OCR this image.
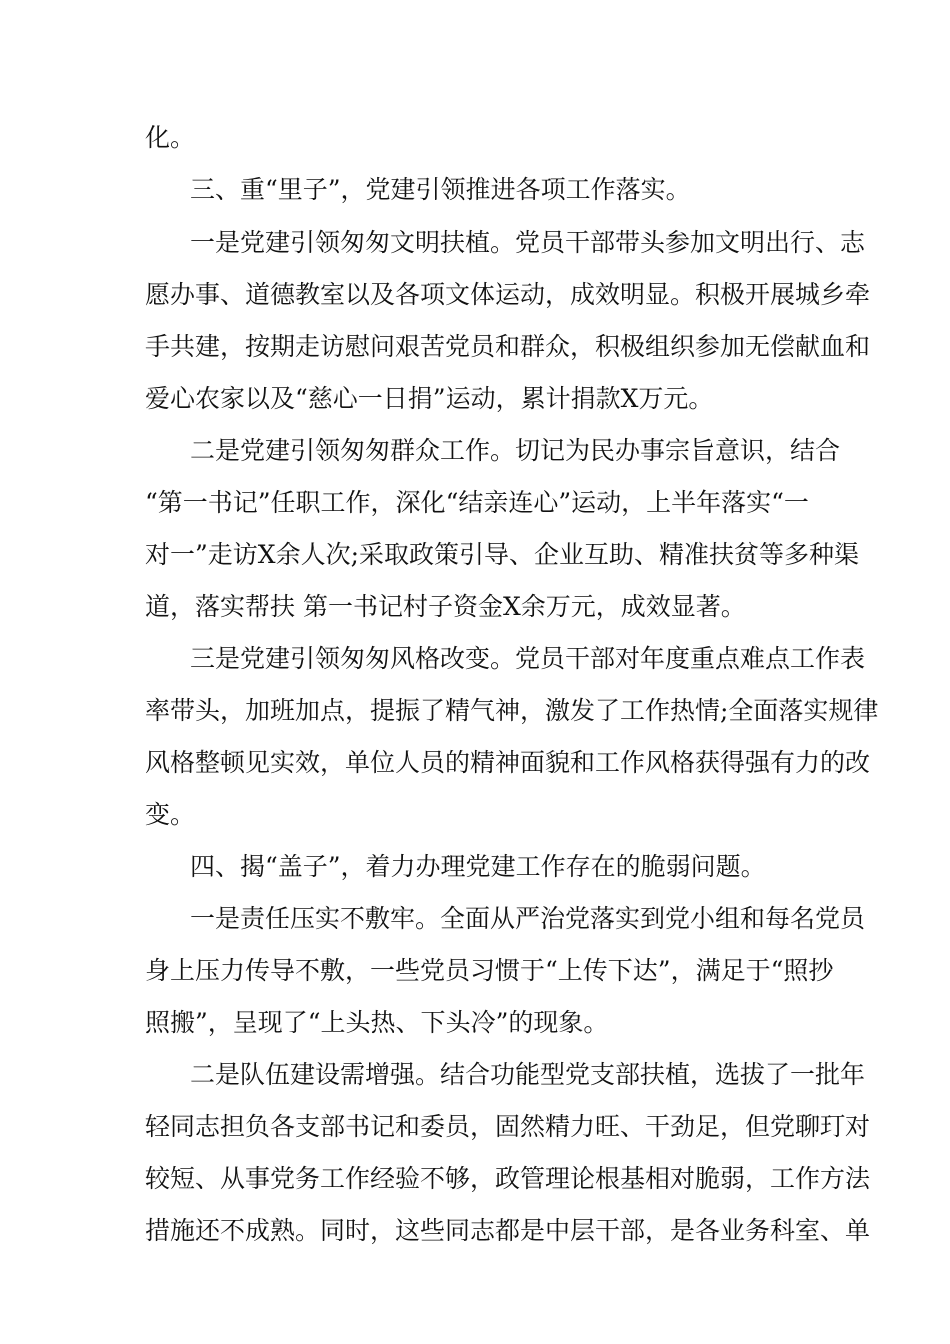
化。
三、重“里子”，党建引领推进各项工作落实。
一是党建引领匆匆文明扶植。党员干部带头参加文明出行、志
愿办事、道德教室以及各项文体运动，成效明显。积极开展城乡牵
手共建，按期走访慰问艰苦党员和群众，积极组织参加无偿献血和
爱心农家以及“慈心一日捐”运动，累计捐款X万元。
二是党建引领匆匆群众工作。切记为民办事宗旨意识，结合
“第一书记”任职工作，深化“结亲连心”运动，上半年落实“一
对一”走访X余人次;采取政策引导、企业互助、精准扶贫等多种渠
道，落实帮扶 第一书记村子资金X余万元，成效显著。
三是党建引领匆匆风格改变。党员干部对年度重点难点工作表
率带头，加班加点，提振了精气神，激发了工作热情;全面落实规律
风格整顿见实效，单位人员的精神面貌和工作风格获得强有力的改
变。
四、揭“盖子”，着力办理党建工作存在的脆弱问题。
一是责任压实不敷牢。全面从严治党落实到党小组和每名党员
身上压力传导不敷，一些党员习惯于“上传下达”，满足于“照抄
照搬”，呈现了“上头热、下头冷”的现象。
二是队伍建设需增强。结合功能型党支部扶植，选拔了一批年
轻同志担负各支部书记和委员，固然精力旺、干劲足，但党聊玎对
较短、从事党务工作经验不够，政管理论根基相对脆弱，工作方法
措施还不成熟。同时，这些同志都是中层干部，是各业务科室、单
